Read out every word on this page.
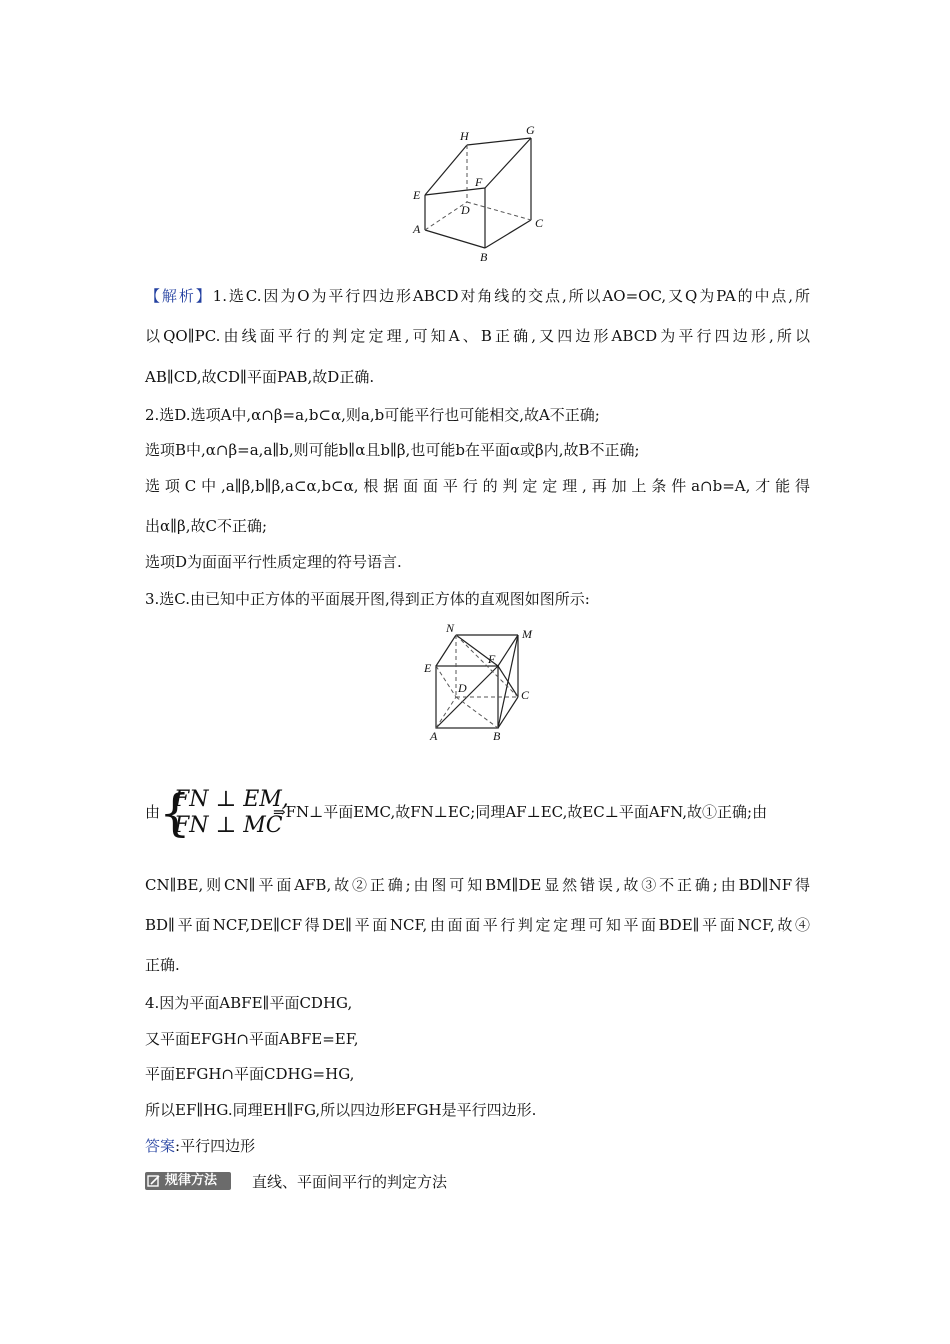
H	G
E
F
D
A	C
B
【解析】1.选C.因为O为平行四边形ABCD对角线的交点,所以AO=OC,又Q为PA的中点,所
以QO∥PC.由线面平行的判定定理,可知A、B正确,又四边形ABCD为平行四边形,所以
AB∥CD,故CD∥平面PAB,故D正确.
2.选D.选项A中,α∩β=a,b⊂α,则a,b可能平行也可能相交,故A不正确;
选项B中,α∩β=a,a∥b,则可能b∥α且b∥β,也可能b在平面α或β内,故B不正确;
选项C中,a∥β,b∥β,a⊂α,b⊂α,根据面面平行的判定定理,再加上条件a∩b=A,才能得
出α∥β,故C不正确;
选项D为面面平行性质定理的符号语言.
3.选C.由已知中正方体的平面展开图,得到正方体的直观图如图所示:
N	M
E
F
D	C
A	B
由
{
FN ⊥ EM,
FN ⊥ MC
⇒FN⊥平面EMC,故FN⊥EC;同理AF⊥EC,故EC⊥平面AFN,故①正确;由
CN∥BE,则CN∥平面AFB,故②正确;由图可知BM∥DE显然错误,故③不正确;由BD∥NF得
BD∥平面NCF,DE∥CF得DE∥平面NCF,由面面平行判定定理可知平面BDE∥平面NCF,故④
正确.
4.因为平面ABFE∥平面CDHG,
又平面EFGH∩平面ABFE=EF,
平面EFGH∩平面CDHG=HG,
所以EF∥HG.同理EH∥FG,所以四边形EFGH是平行四边形.
答案:平行四边形
规律方法 直线、平面间平行的判定方法
